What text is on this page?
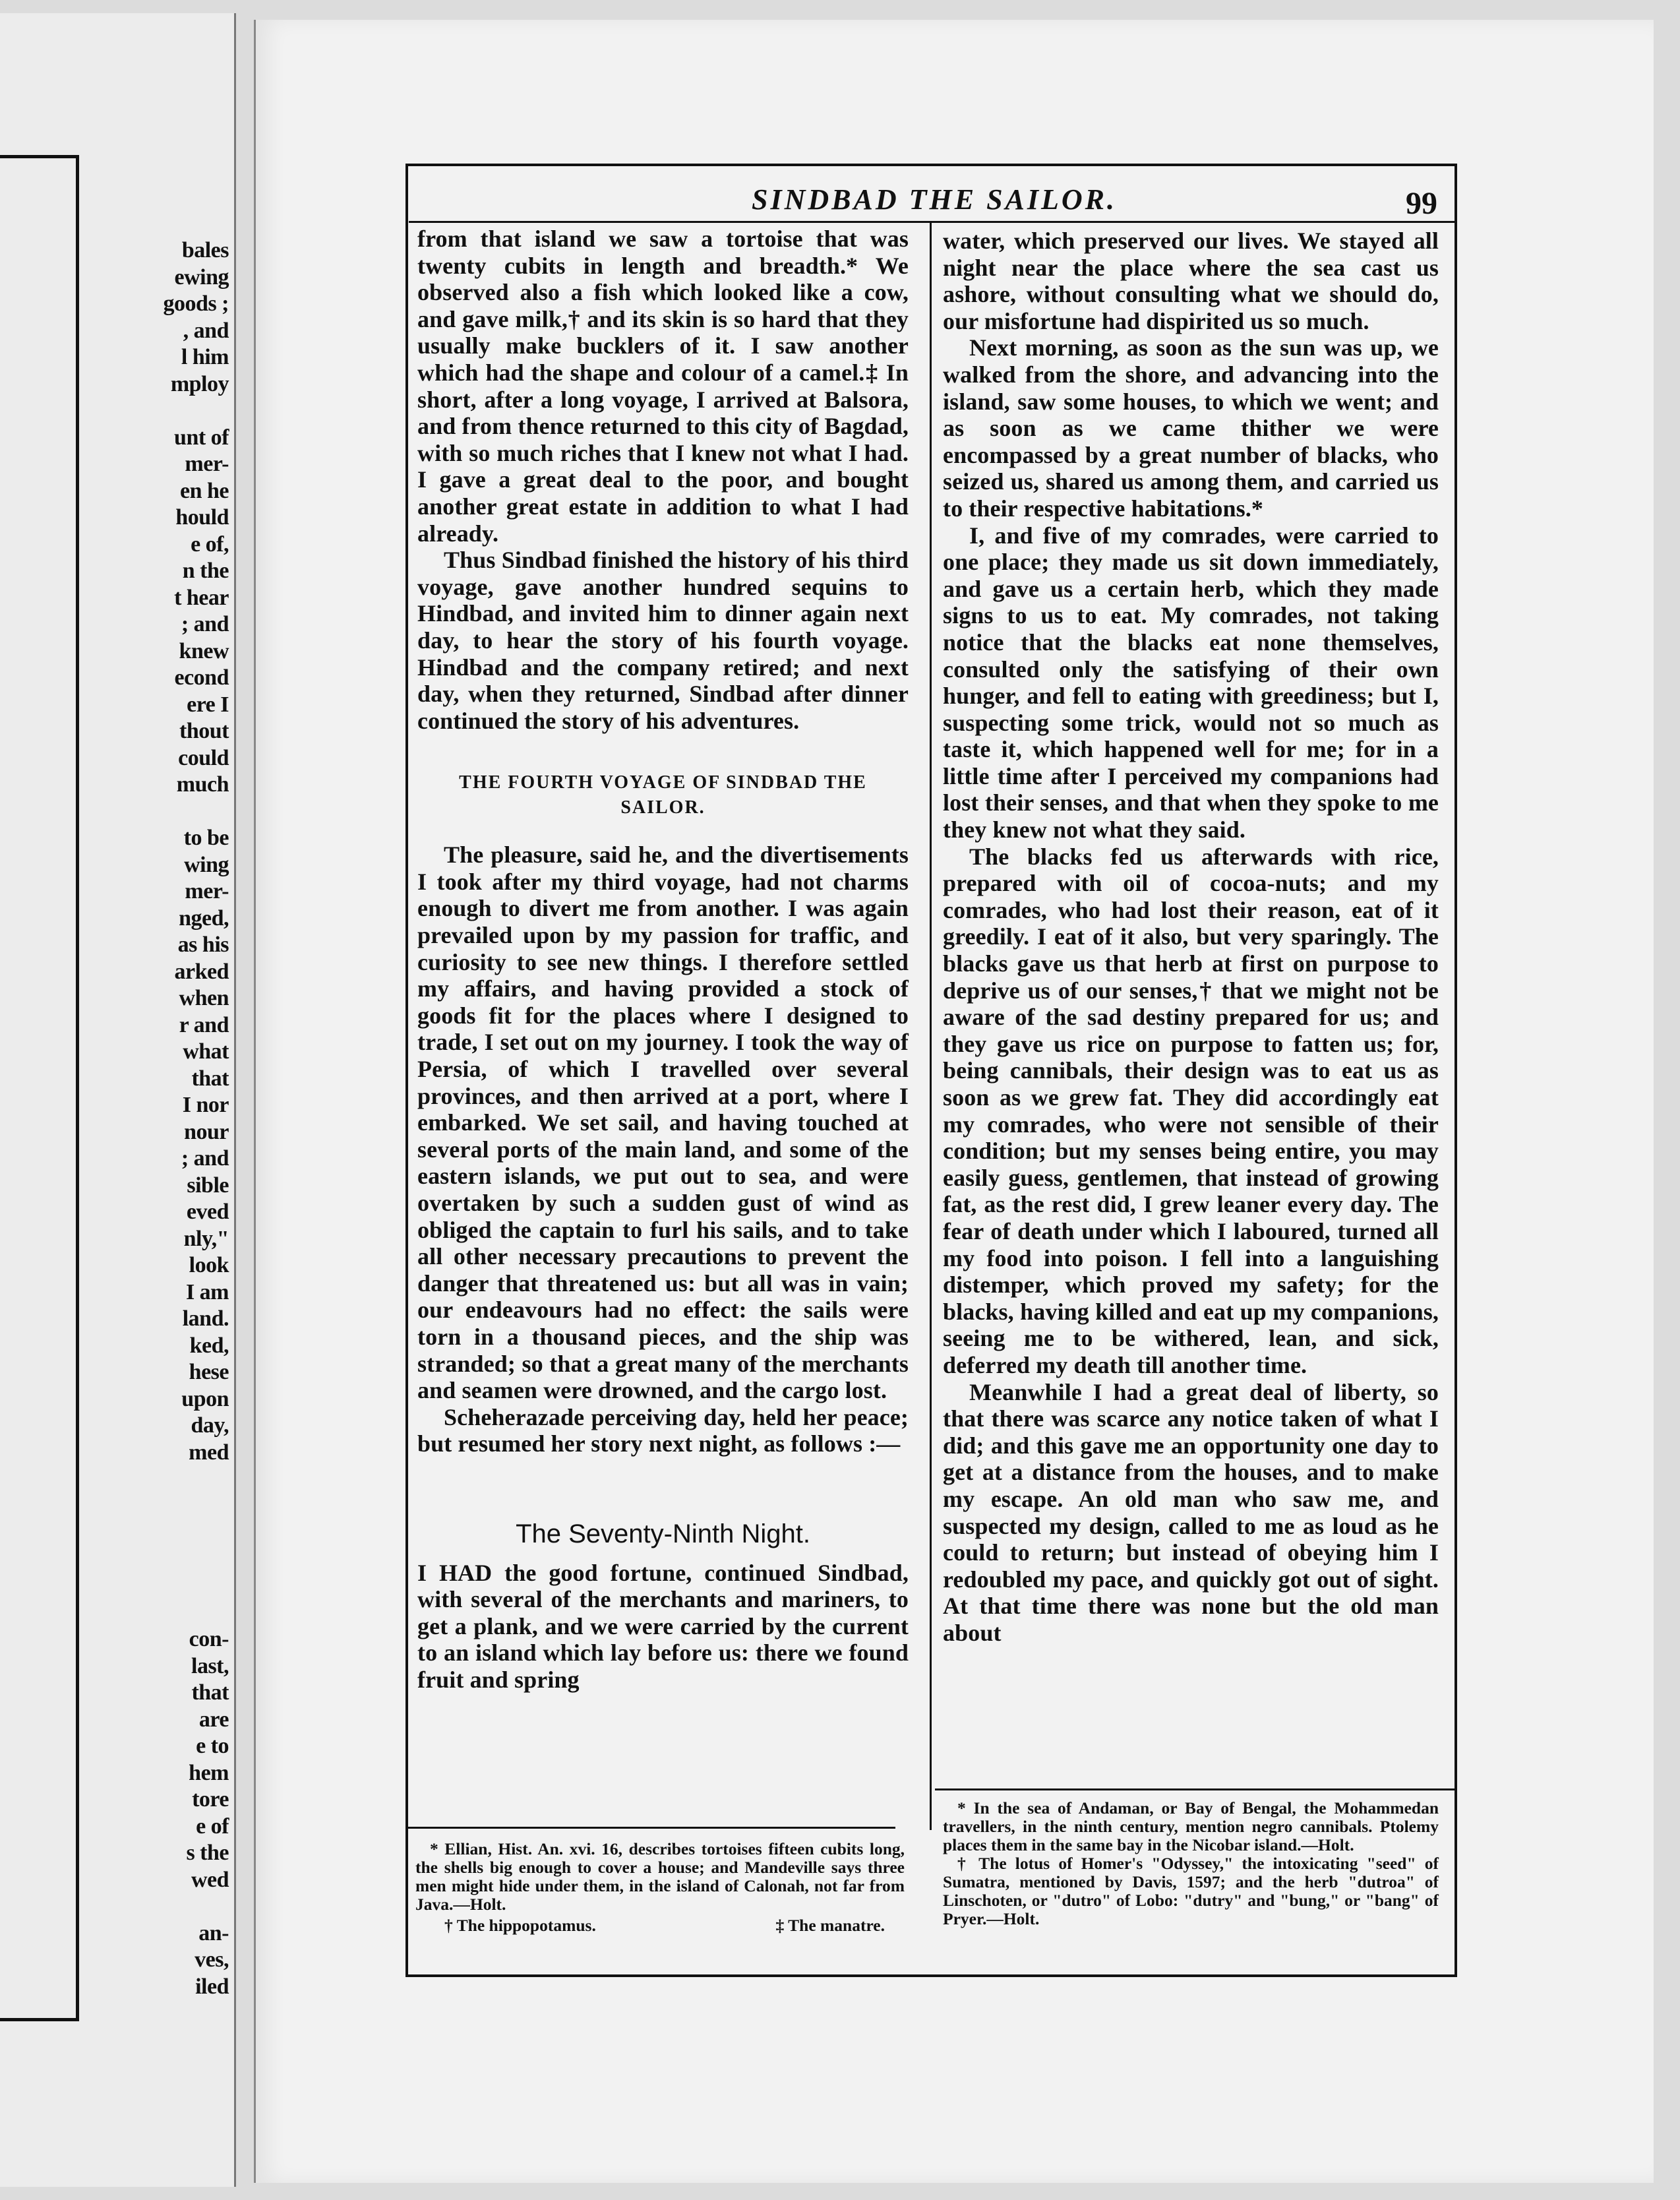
bales
ewing
goods ;
, and
l him
mploy
unt of
mer-
en he
hould
e of,
n the
t hear
; and
knew
econd
ere I
thout
could
much
to be
wing
mer-
nged,
as his
arked
when
r and
what
that
I nor
nour
; and
sible
eved
nly,"
look
I am
land.
ked,
hese
upon
day,
med
con-
last,
that
are
e to
hem
tore
e of
s the
wed
an-
ves,
iled
SINDBAD THE SAILOR.	99

from that island we saw a tortoise that was twenty cubits in length and breadth.* We observed also a fish which looked like a cow, and gave milk,† and its skin is so hard that they usually make bucklers of it. I saw another which had the shape and colour of a camel.‡ In short, after a long voyage, I arrived at Balsora, and from thence returned to this city of Bagdad, with so much riches that I knew not what I had. I gave a great deal to the poor, and bought another great estate in addition to what I had already.

Thus Sindbad finished the history of his third voyage, gave another hundred sequins to Hindbad, and invited him to dinner again next day, to hear the story of his fourth voyage. Hindbad and the company retired; and next day, when they returned, Sindbad after dinner continued the story of his adventures.

THE FOURTH VOYAGE OF SINDBAD THE SAILOR.

The pleasure, said he, and the divertisements I took after my third voyage, had not charms enough to divert me from another. I was again prevailed upon by my passion for traffic, and curiosity to see new things. I therefore settled my affairs, and having provided a stock of goods fit for the places where I designed to trade, I set out on my journey. I took the way of Persia, of which I travelled over several provinces, and then arrived at a port, where I embarked. We set sail, and having touched at several ports of the main land, and some of the eastern islands, we put out to sea, and were overtaken by such a sudden gust of wind as obliged the captain to furl his sails, and to take all other necessary precautions to prevent the danger that threatened us: but all was in vain; our endeavours had no effect: the sails were torn in a thousand pieces, and the ship was stranded; so that a great many of the merchants and seamen were drowned, and the cargo lost.

Scheherazade perceiving day, held her peace; but resumed her story next night, as follows :—

The Seventy-Ninth Night.

I HAD the good fortune, continued Sindbad, with several of the merchants and mariners, to get a plank, and we were carried by the current to an island which lay before us: there we found fruit and spring

water, which preserved our lives. We stayed all night near the place where the sea cast us ashore, without consulting what we should do, our misfortune had dispirited us so much.

Next morning, as soon as the sun was up, we walked from the shore, and advancing into the island, saw some houses, to which we went; and as soon as we came thither we were encompassed by a great number of blacks, who seized us, shared us among them, and carried us to their respective habitations.*

I, and five of my comrades, were carried to one place; they made us sit down immediately, and gave us a certain herb, which they made signs to us to eat. My comrades, not taking notice that the blacks eat none themselves, consulted only the satisfying of their own hunger, and fell to eating with greediness; but I, suspecting some trick, would not so much as taste it, which happened well for me; for in a little time after I perceived my companions had lost their senses, and that when they spoke to me they knew not what they said.

The blacks fed us afterwards with rice, prepared with oil of cocoa-nuts; and my comrades, who had lost their reason, eat of it greedily. I eat of it also, but very sparingly. The blacks gave us that herb at first on purpose to deprive us of our senses,† that we might not be aware of the sad destiny prepared for us; and they gave us rice on purpose to fatten us; for, being cannibals, their design was to eat us as soon as we grew fat. They did accordingly eat my comrades, who were not sensible of their condition; but my senses being entire, you may easily guess, gentlemen, that instead of growing fat, as the rest did, I grew leaner every day. The fear of death under which I laboured, turned all my food into poison. I fell into a languishing distemper, which proved my safety; for the blacks, having killed and eat up my companions, seeing me to be withered, lean, and sick, deferred my death till another time.

Meanwhile I had a great deal of liberty, so that there was scarce any notice taken of what I did; and this gave me an opportunity one day to get at a distance from the houses, and to make my escape. An old man who saw me, and suspected my design, called to me as loud as he could to return; but instead of obeying him I redoubled my pace, and quickly got out of sight. At that time there was none but the old man about

* Ellian, Hist. An. xvi. 16, describes tortoises fifteen cubits long, the shells big enough to cover a house; and Mandeville says three men might hide under them, in the island of Calonah, not far from Java.—Holt.

† The hippopotamus.	‡ The manatre.

* In the sea of Andaman, or Bay of Bengal, the Mohammedan travellers, in the ninth century, mention negro cannibals. Ptolemy places them in the same bay in the Nicobar island.—Holt.

† The lotus of Homer's "Odyssey," the intoxicating "seed" of Sumatra, mentioned by Davis, 1597; and the herb "dutroa" of Linschoten, or "dutro" of Lobo: "dutry" and "bung," or "bang" of Pryer.—Holt.
